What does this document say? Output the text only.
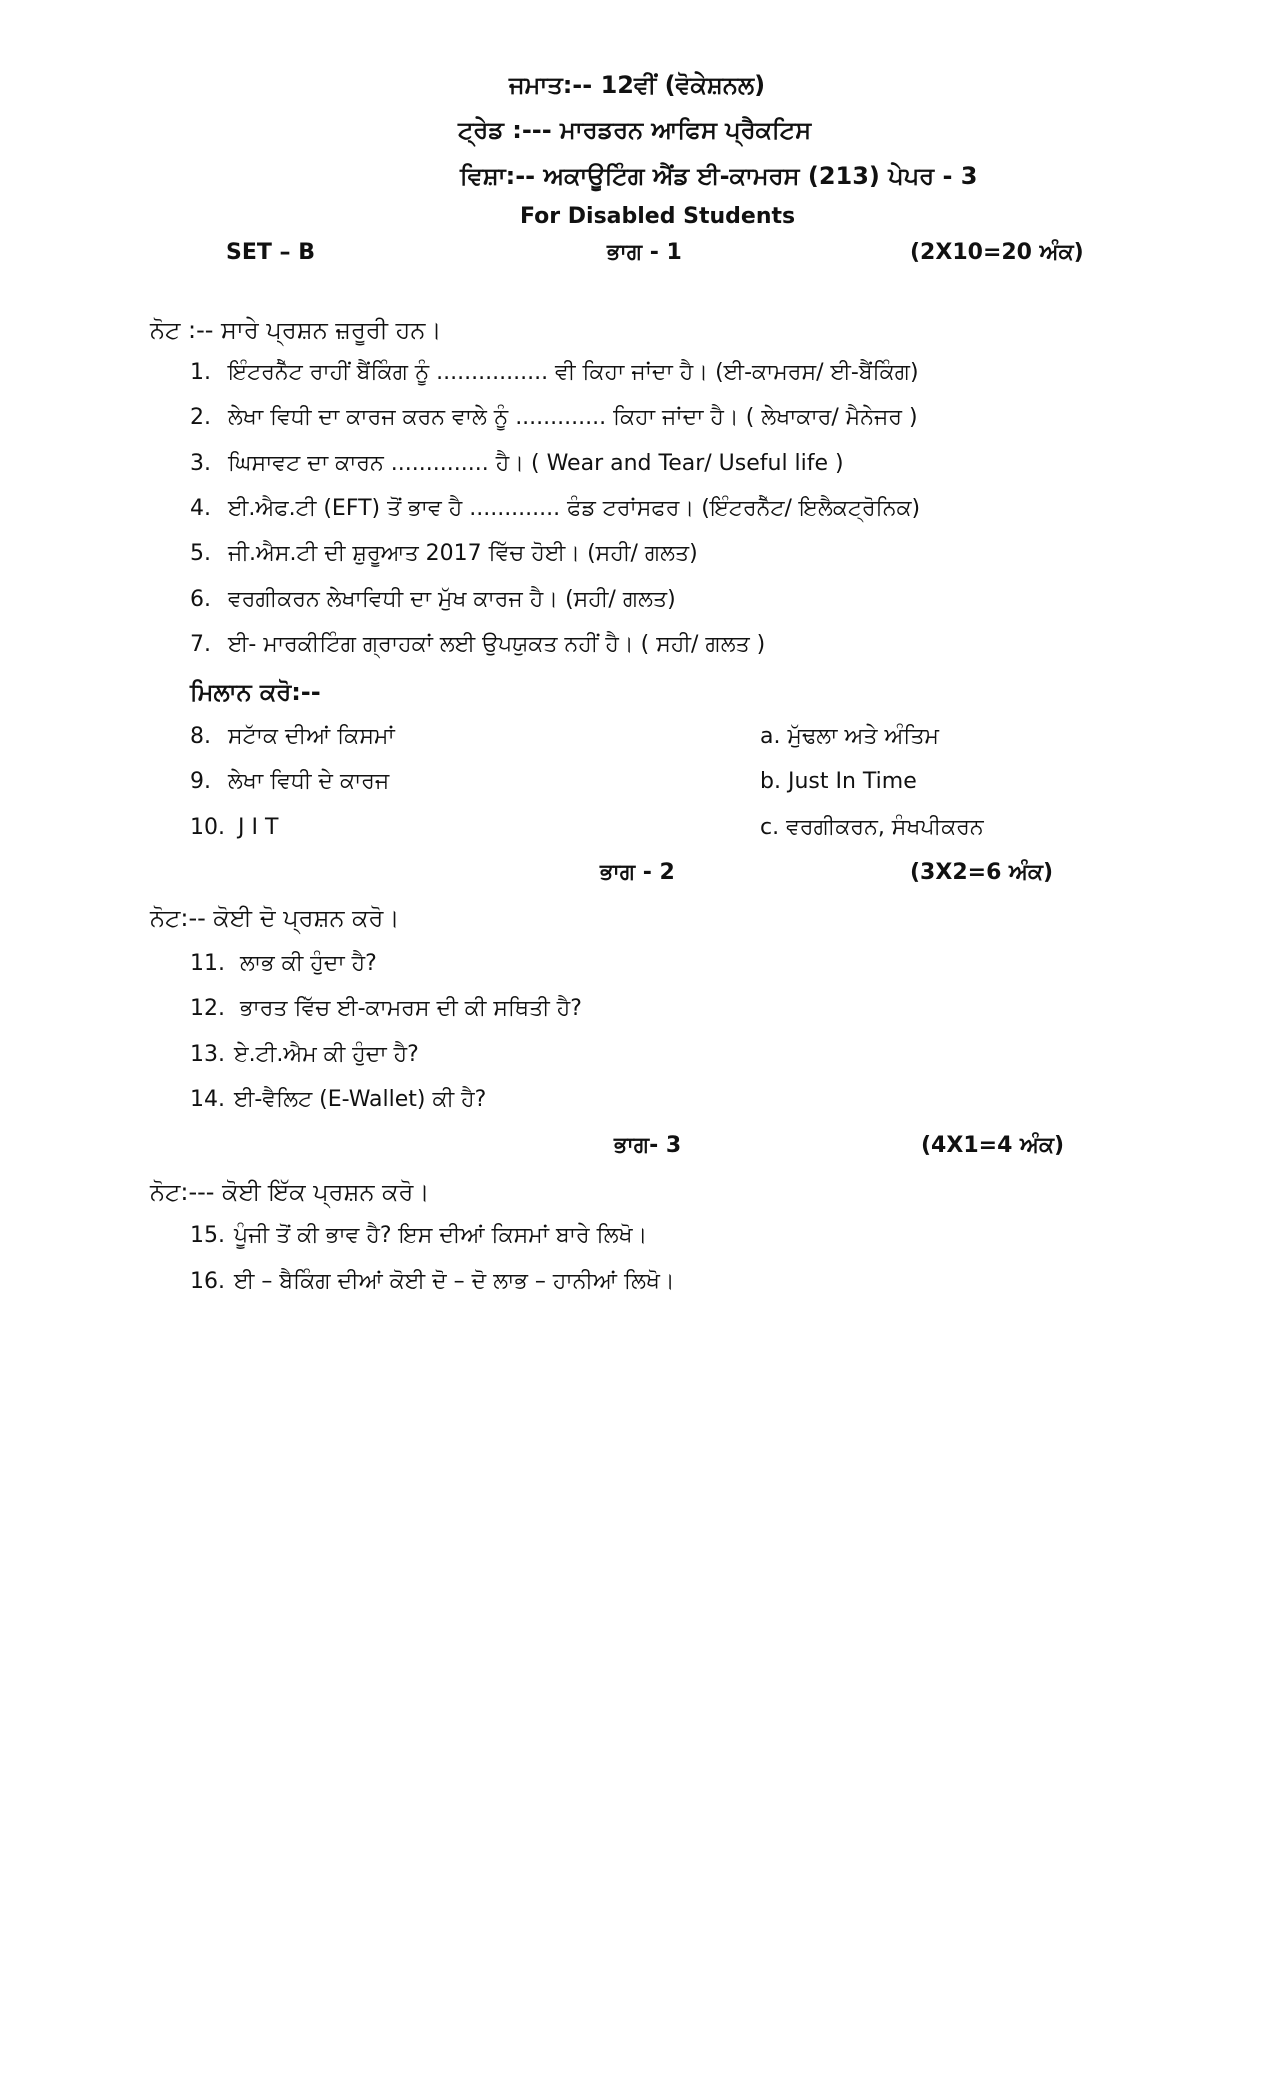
ਜਮਾਤ:-- 12ਵੀਂ (ਵੋਕੇਸ਼ਨਲ)
ਟ੍ਰੇਡ :--- ਮਾਰਡਰਨ ਆਫਿਸ ਪ੍ਰੈਕਟਿਸ
ਵਿਸ਼ਾ:-- ਅਕਾਊਟਿੰਗ ਐਂਡ ਈ-ਕਾਮਰਸ (213) ਪੇਪਰ - 3
For Disabled Students
SET – B	ਭਾਗ - 1	(2X10=20 ਅੰਕ)
ਨੋਟ :-- ਸਾਰੇ ਪ੍ਰਸ਼ਨ ਜ਼ਰੂਰੀ ਹਨ।
1. ਇੰਟਰਨੈੱਟ ਰਾਹੀਂ ਬੈਂਕਿੰਗ ਨੂੰ ................ ਵੀ ਕਿਹਾ ਜਾਂਦਾ ਹੈ। (ਈ-ਕਾਮਰਸ/ ਈ-ਬੈਂਕਿੰਗ)
2. ਲੇਖਾ ਵਿਧੀ ਦਾ ਕਾਰਜ ਕਰਨ ਵਾਲੇ ਨੂੰ ............. ਕਿਹਾ ਜਾਂਦਾ ਹੈ। ( ਲੇਖਾਕਾਰ/ ਮੈਨੇਜਰ )
3. ਘਿਸਾਵਟ ਦਾ ਕਾਰਨ .............. ਹੈ। ( Wear and Tear/ Useful life )
4. ਈ.ਐਫ.ਟੀ (EFT) ਤੋਂ ਭਾਵ ਹੈ ............. ਫੰਡ ਟਰਾਂਸਫਰ। (ਇੰਟਰਨੈੱਟ/ ਇਲੈਕਟ੍ਰੋਨਿਕ)
5. ਜੀ.ਐਸ.ਟੀ ਦੀ ਸ਼ੁਰੂਆਤ 2017 ਵਿੱਚ ਹੋਈ। (ਸਹੀ/ ਗਲਤ)
6. ਵਰਗੀਕਰਨ ਲੇਖਾਵਿਧੀ ਦਾ ਮੁੱਖ ਕਾਰਜ ਹੈ। (ਸਹੀ/ ਗਲਤ)
7. ਈ- ਮਾਰਕੀਟਿੰਗ ਗ੍ਰਾਹਕਾਂ ਲਈ ਉਪਯੁਕਤ ਨਹੀਂ ਹੈ। ( ਸਹੀ/ ਗਲਤ )
ਮਿਲਾਨ ਕਰੋ:--
8. ਸਟਾੱਕ ਦੀਆਂ ਕਿਸਮਾਂ	a. ਮੁੱਢਲਾ ਅਤੇ ਅੰਤਿਮ
9. ਲੇਖਾ ਵਿਧੀ ਦੇ ਕਾਰਜ	b. Just In Time
10. J I T	c. ਵਰਗੀਕਰਨ, ਸੰਖਪੀਕਰਨ
ਭਾਗ - 2	(3X2=6 ਅੰਕ)
ਨੋਟ:-- ਕੋਈ ਦੋ ਪ੍ਰਸ਼ਨ ਕਰੋ।
11. ਲਾਭ ਕੀ ਹੁੰਦਾ ਹੈ?
12. ਭਾਰਤ ਵਿੱਚ ਈ-ਕਾਮਰਸ ਦੀ ਕੀ ਸਥਿਤੀ ਹੈ?
13. ਏ.ਟੀ.ਐਮ ਕੀ ਹੁੰਦਾ ਹੈ?
14. ਈ-ਵੈਲਿਟ (E-Wallet) ਕੀ ਹੈ?
ਭਾਗ- 3	(4X1=4 ਅੰਕ)
ਨੋਟ:--- ਕੋਈ ਇੱਕ ਪ੍ਰਸ਼ਨ ਕਰੋ।
15. ਪੂੰਜੀ ਤੋਂ ਕੀ ਭਾਵ ਹੈ? ਇਸ ਦੀਆਂ ਕਿਸਮਾਂ ਬਾਰੇ ਲਿਖੋ।
16. ਈ – ਬੈਕਿੰਗ ਦੀਆਂ ਕੋਈ ਦੋ – ਦੋ ਲਾਭ – ਹਾਨੀਆਂ ਲਿਖੋ।
